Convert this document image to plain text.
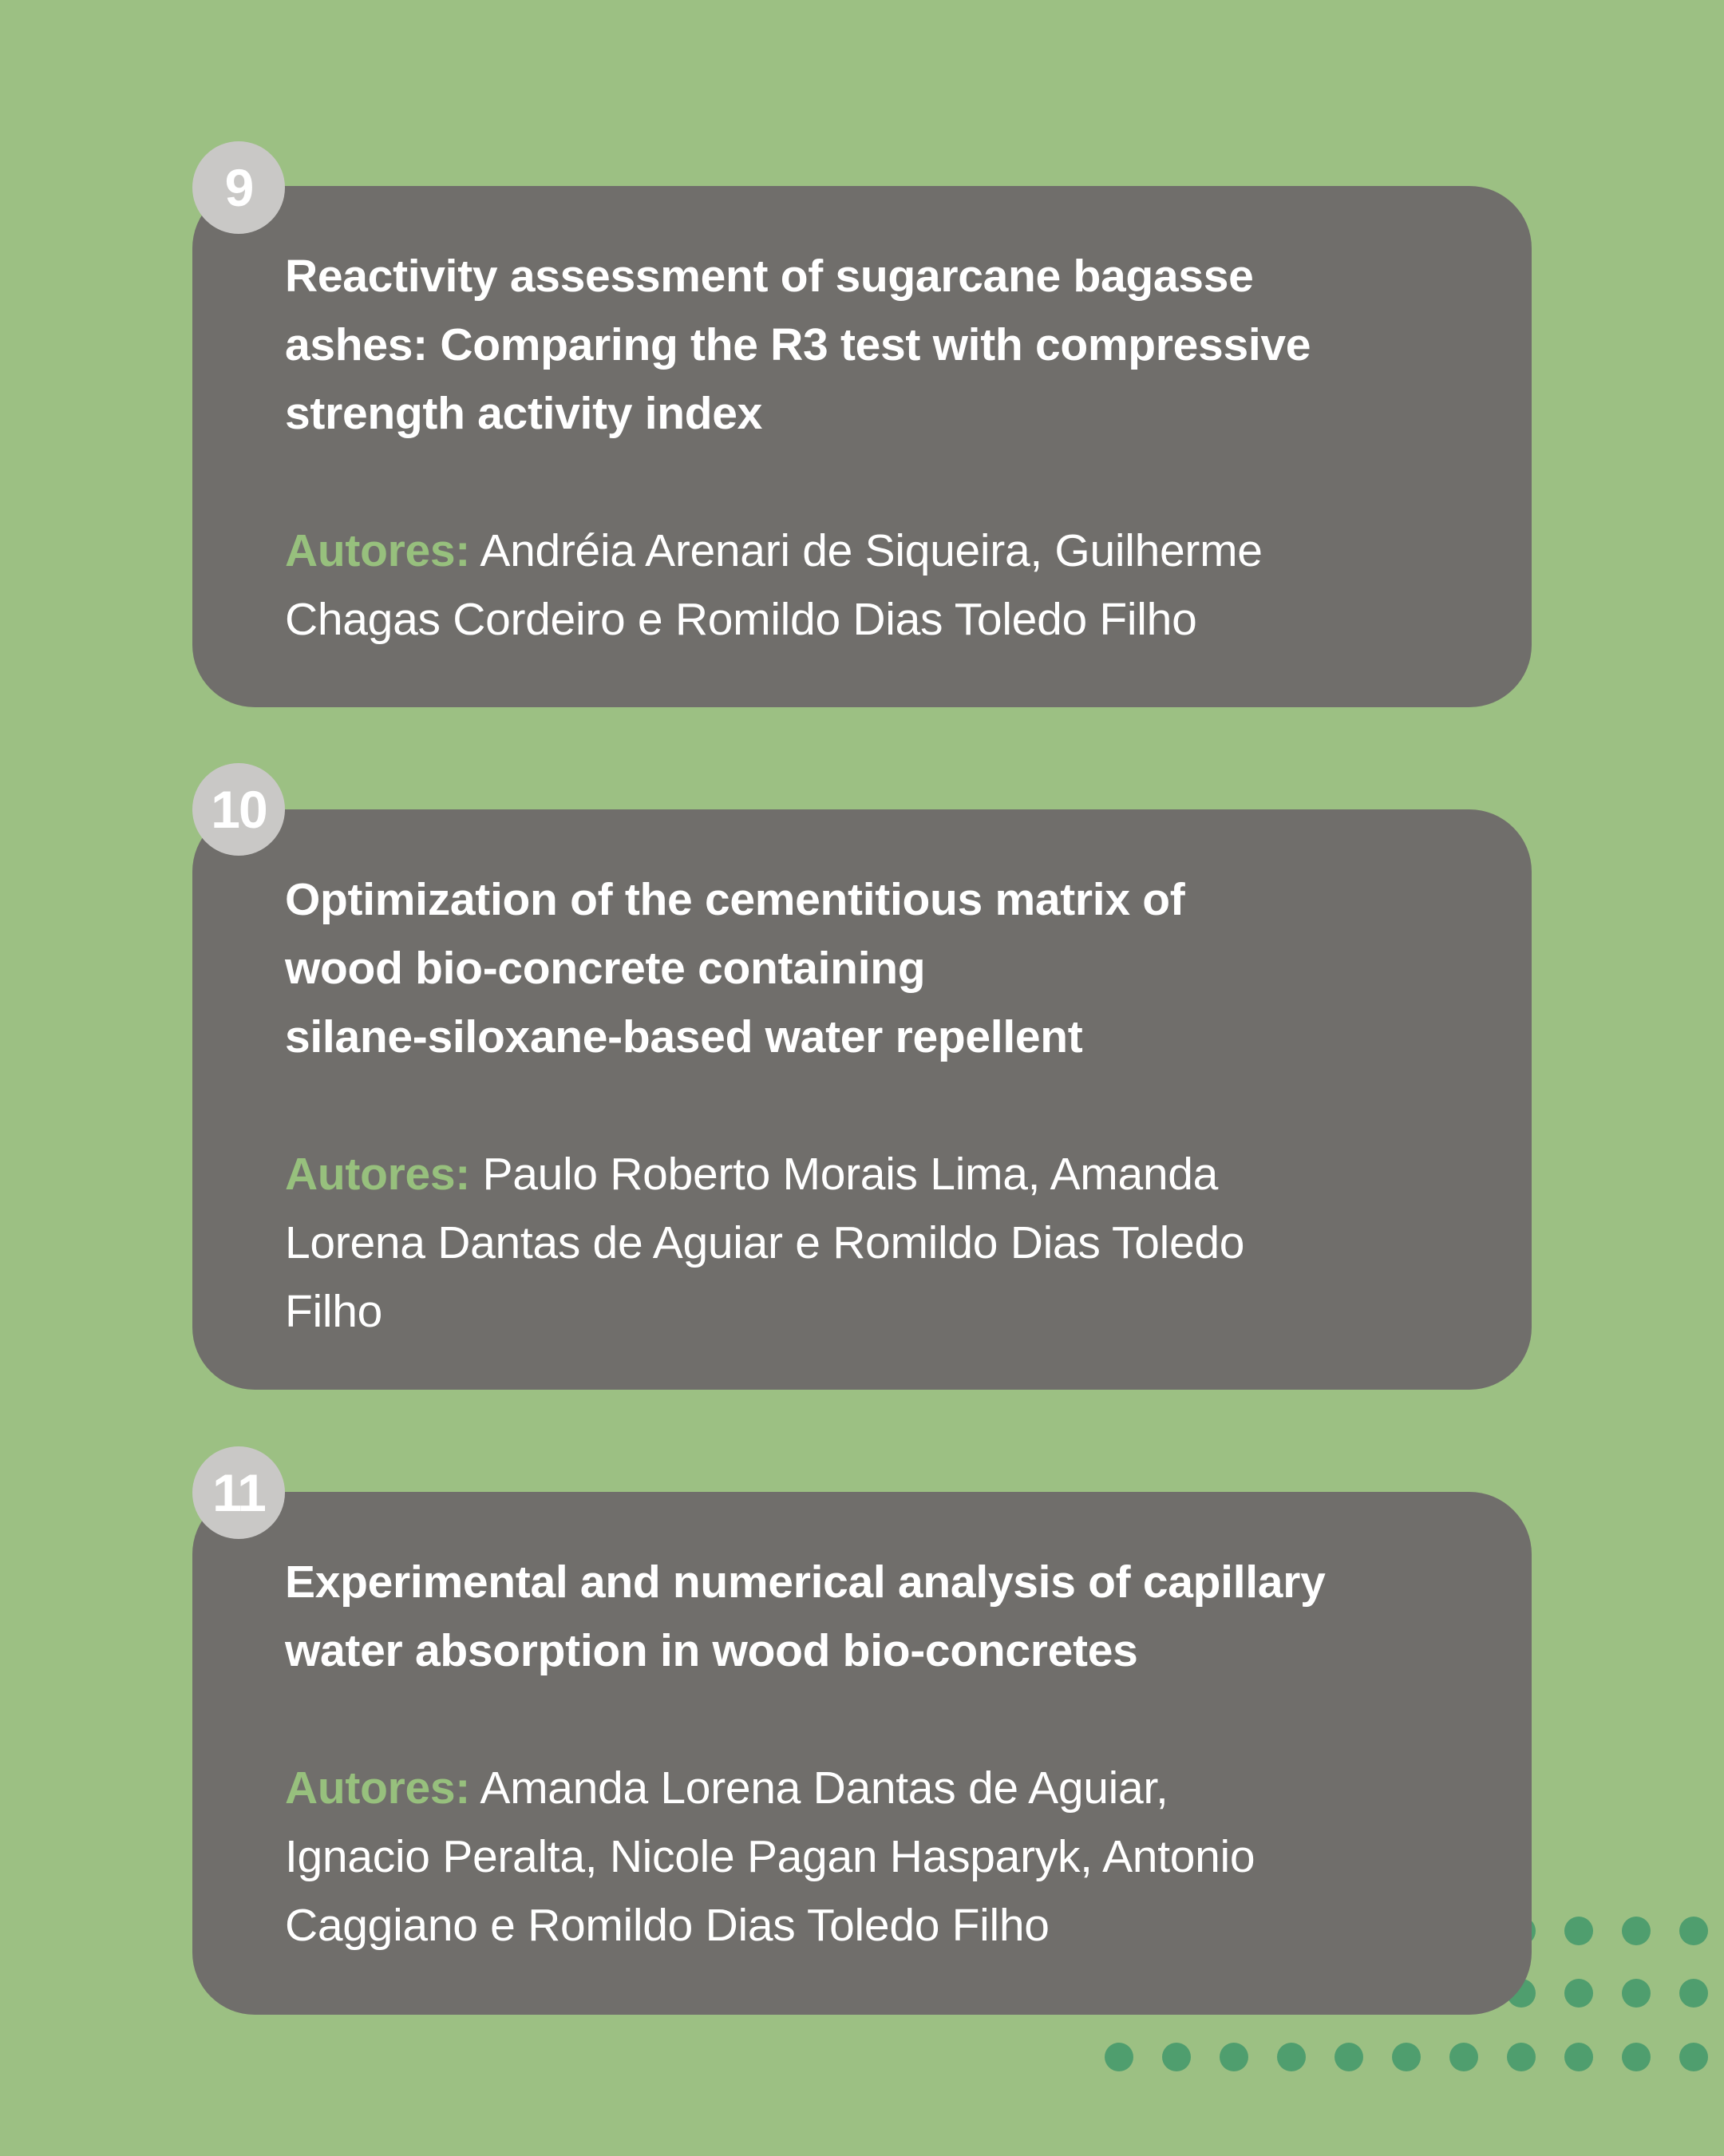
Reactivity assessment of sugarcane bagasse
ashes: Comparing the R3 test with compressive
strength activity index

Autores: Andréia Arenari de Siqueira, Guilherme
Chagas Cordeiro e Romildo Dias Toledo Filho

9
Optimization of the cementitious matrix of
wood bio-concrete containing
silane-siloxane-based water repellent

Autores: Paulo Roberto Morais Lima, Amanda
Lorena Dantas de Aguiar e Romildo Dias Toledo
Filho

10
Experimental and numerical analysis of capillary
water absorption in wood bio-concretes

Autores: Amanda Lorena Dantas de Aguiar,
Ignacio Peralta, Nicole Pagan Hasparyk, Antonio
Caggiano e Romildo Dias Toledo Filho

11
